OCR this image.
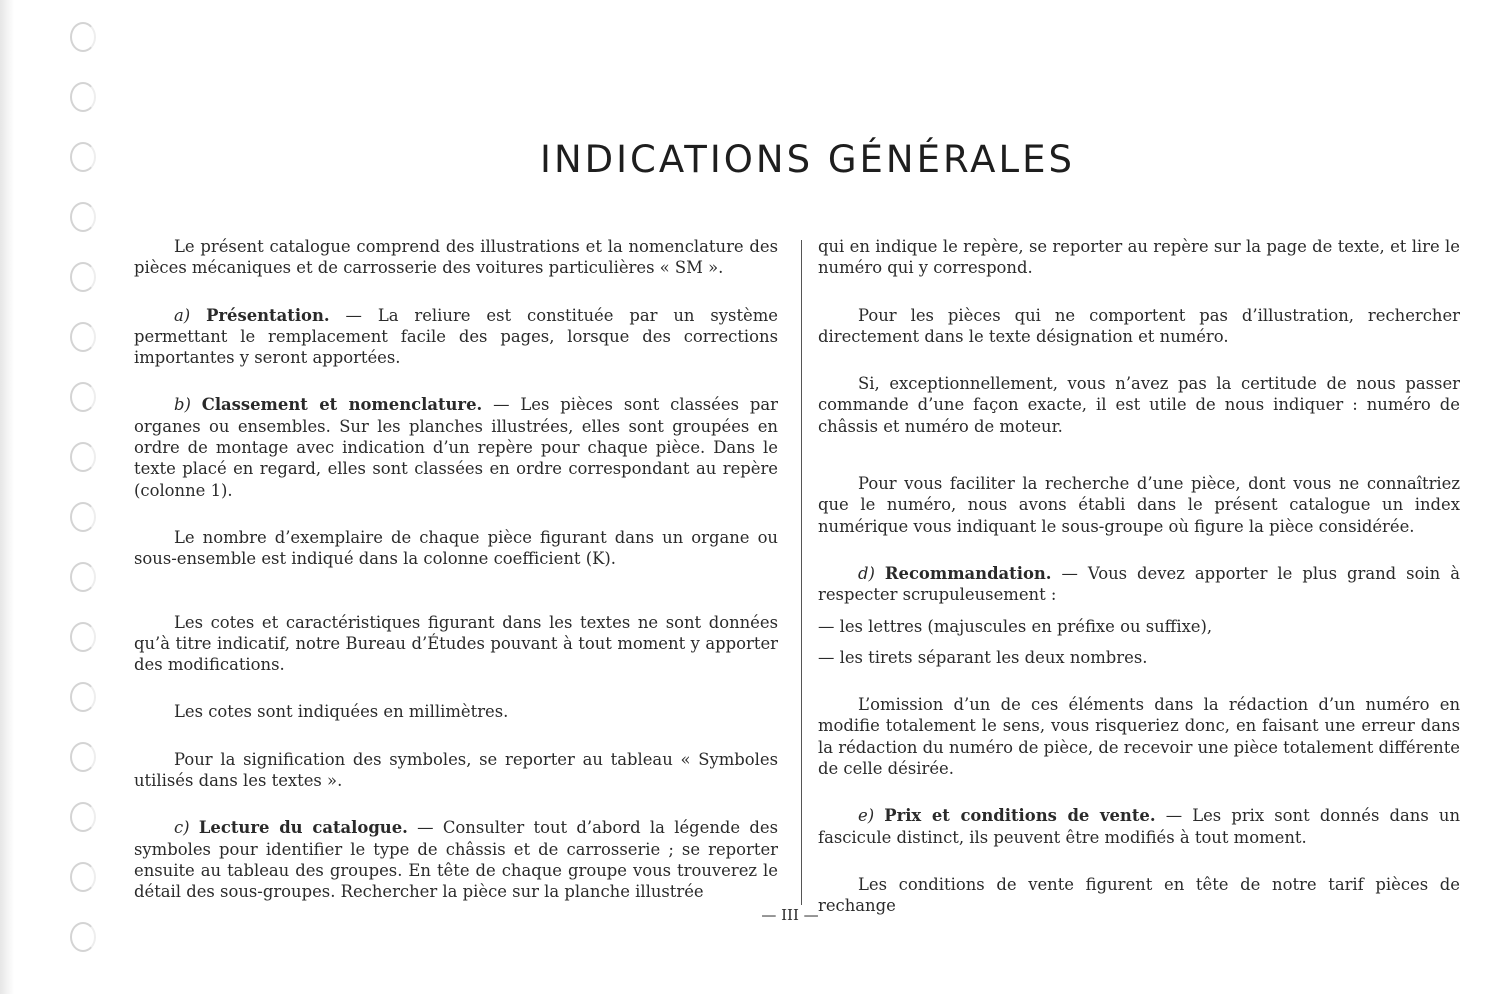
INDICATIONS GÉNÉRALES

Le présent catalogue comprend des illustrations et la nomenclature des pièces mécaniques et de carrosserie des voitures particulières « SM ».

a) Présentation. — La reliure est constituée par un système permettant le remplacement facile des pages, lorsque des corrections importantes y seront apportées.

b) Classement et nomenclature. — Les pièces sont classées par organes ou ensembles. Sur les planches illustrées, elles sont groupées en ordre de montage avec indication d’un repère pour chaque pièce. Dans le texte placé en regard, elles sont classées en ordre correspondant au repère (colonne 1).

Le nombre d’exemplaire de chaque pièce figurant dans un organe ou sous-ensemble est indiqué dans la colonne coefficient (K).

Les cotes et caractéristiques figurant dans les textes ne sont données qu’à titre indicatif, notre Bureau d’Études pouvant à tout moment y apporter des modifications.

Les cotes sont indiquées en millimètres.

Pour la signification des symboles, se reporter au tableau « Symboles utilisés dans les textes ».

c) Lecture du catalogue. — Consulter tout d’abord la légende des symboles pour identifier le type de châssis et de carrosserie ; se reporter ensuite au tableau des groupes. En tête de chaque groupe vous trouverez le détail des sous-groupes. Rechercher la pièce sur la planche illustrée

qui en indique le repère, se reporter au repère sur la page de texte, et lire le numéro qui y correspond.

Pour les pièces qui ne comportent pas d’illustration, rechercher directement dans le texte désignation et numéro.

Si, exceptionnellement, vous n’avez pas la certitude de nous passer commande d’une façon exacte, il est utile de nous indiquer : numéro de châssis et numéro de moteur.

Pour vous faciliter la recherche d’une pièce, dont vous ne connaîtriez que le numéro, nous avons établi dans le présent catalogue un index numérique vous indiquant le sous-groupe où figure la pièce considérée.

d) Recommandation. — Vous devez apporter le plus grand soin à respecter scrupuleusement :

— les lettres (majuscules en préfixe ou suffixe),

— les tirets séparant les deux nombres.

L’omission d’un de ces éléments dans la rédaction d’un numéro en modifie totalement le sens, vous risqueriez donc, en faisant une erreur dans la rédaction du numéro de pièce, de recevoir une pièce totalement différente de celle désirée.

e) Prix et conditions de vente. — Les prix sont donnés dans un fascicule distinct, ils peuvent être modifiés à tout moment.

Les conditions de vente figurent en tête de notre tarif pièces de rechange

— III —
